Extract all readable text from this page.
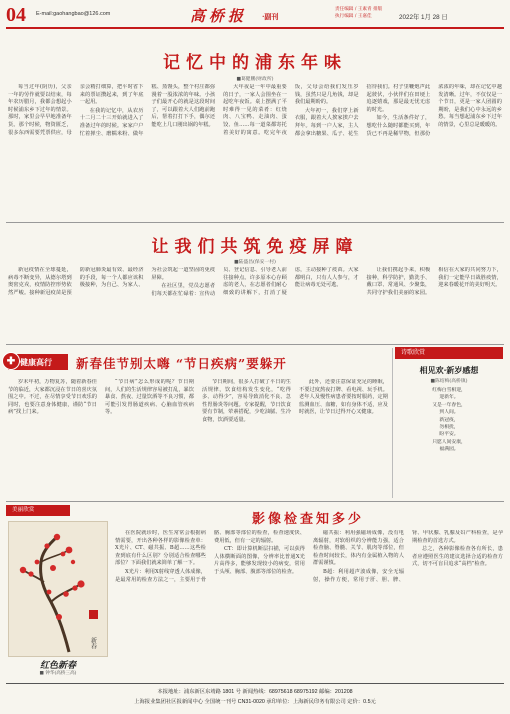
04 E-mail:gaohangbao@126.com	高桥报 ·副刊
责任编辑 / 王素青 排版
执行编辑 / 王嘉佳	2022年 1月 28 日
记忆中的浦东年味
■葛健鹏(财政所)

每当过年(阴历)，父亲一年的劳作就要以结束，每年农历腊月，我都会想起小时候浦东乡下过年的情景。那时，家里会早早地准备年货。那个时候，物资匮乏，很多东西需要凭票供应，母亲会精打细算，把平时省下来的票证攒起来，到了年底一起用。

在我的记忆中，从农历十二月二十三开始就进入了准备过年的时候。家家户户忙着掸尘、磨糯米粉、做年糕、蒸馒头，整个村庄都弥漫着一股浓浓的年味。小孩子们最开心的就是这段时间了，可以跟着大人们跑前跑后，帮着打打下手，偶尔还能吃上几口刚出锅的年糕。

大年夜是一年中最重要的日子，一家人会围坐在一起吃年夜饭。桌上摆满了平时难得一见的菜肴：红烧肉、八宝鸭、走油肉、蛋饺、鱼……每一道菜都寄托着美好的寓意。吃完年夜饭，父母会给我们发压岁钱，虽然只是几角钱，却是我们最期盼的。

大年初一，我们穿上新衣服，跟着大人挨家挨户去拜年。每到一户人家，主人都会拿出糖果、瓜子、花生招待我们。村子里鞭炮声此起彼伏，小伙伴们在田埂上追逐嬉戏，那是最无忧无虑的时光。

如今，生活条件好了，想吃什么随时都能买到，年货已不再是稀罕物，但那份浓浓的年味，却在记忆中越发清晰。过年，不仅仅是一个节日，更是一家人团圆的期盼，是我们心中永远的乡愁。每当想起浦东乡下过年的情景，心里总是暖暖的。

让我们共筑免疫屏障
■陆盛昌(保安一村)

新冠疫情在全球蔓延，病毒不断变异，从德尔塔到奥密克戎，疫情防控形势依然严峻。接种新冠疫苗是预防新冠肺炎最有效、最经济的手段，每一个人都应该积极接种，为自己、为家人、为社会筑起一道坚固的免疫屏障。

在社区里，党员志愿者们每天都在忙碌着：宣传动员、登记信息、引导老人前往接种点。许多原本心存顾虑的老人，在志愿者们耐心细致的讲解下，打消了疑虑，主动接种了疫苗。大家都明白，只有人人参与，才能让病毒无处可逃。

让我们携起手来，积极接种，科学防护，勤洗手、戴口罩、常通风、少聚集，共同守护我们美丽的家园。相信在大家的共同努力下，我们一定能早日战胜疫情，迎来春暖花开的美好明天。

✚ 健康高行	新春佳节别太嗨 “节日疾病”要躲开

岁末年初，万物复苏，随着新春佳节的临近，大家都沉浸在节日的喜庆氛围之中。不过，在尽情享受节日欢乐的同时，也要注意身体健康，谨防“节日病”找上门来。

“节日病”怎么形成的呢？节日期间，人们的生活规律容易被打乱，暴饮暴食、熬夜、过量饮酒等不良习惯，都可能引发胃肠道疾病、心脑血管疾病等。

节日期间，很多人打破了平日的生活规律，饮食结构发生变化，“吃得多、动得少”，容易导致消化不良、急性胃肠炎等问题。专家提醒，节日饮食要有节制，荤素搭配，少吃油腻、生冷食物，饮酒要适量。

此外，还要注意保证充足的睡眠，不要过度熬夜打牌、看电视、玩手机。老年人及慢性病患者要按时服药，定期监测血压、血糖，如有身体不适，应及时就医，让节日过得开心又健康。

诗歌欣赏
相见欢·新岁感想
■陈绍梅(高桥镇)
红梅白雪相迎，
迎新年。
又是一年春色，
到人间。
新冠疫，
勿相扰，
盼平安。
只愿人间安康，
福满园。
美丽欣赏
新春
红色新春
■ 钟华(高桥三高)
影像检查知多少

在医院就诊时，医生常常会根据病情需要，开出各种各样的影像检查单：X光片、CT、磁共振、B超……这些检查到底有什么区别？分别适合检查哪些部位？下面我们就来简单了解一下。

X光片：利用X射线穿透人体成像，是最常用的检查方法之一，主要用于骨骼、胸部等部位的检查，检查速度快、费用低，但有一定的辐射。

CT：即计算机断层扫描，可以获得人体横断面的图像，分辨率比普通X光片高得多，能够发现较小的病变，常用于头颅、胸部、腹部等部位的检查。

磁共振：利用强磁场成像，没有电离辐射，对软组织的分辨能力强，适合检查脑、脊髓、关节、肌肉等部位，但检查时间较长，体内有金属植入物的人群需谨慎。

B超：利用超声波成像，安全无辐射，操作方便，常用于肝、胆、脾、肾、甲状腺、乳腺及妇产科检查，是孕期检查的首选方式。

总之，各种影像检查各有所长，患者应遵照医生的建议选择合适的检查方式，切不可盲目追求“高档”检查。

本报地址：浦东新区东靖路 1801 号 新闻热线：68975618 68975192 邮编：201208
上海报业集团社区报新闻中心 全国统一刊号 CN31-0020 承印单位：上海新民印务有限公司 定价：0.5元
